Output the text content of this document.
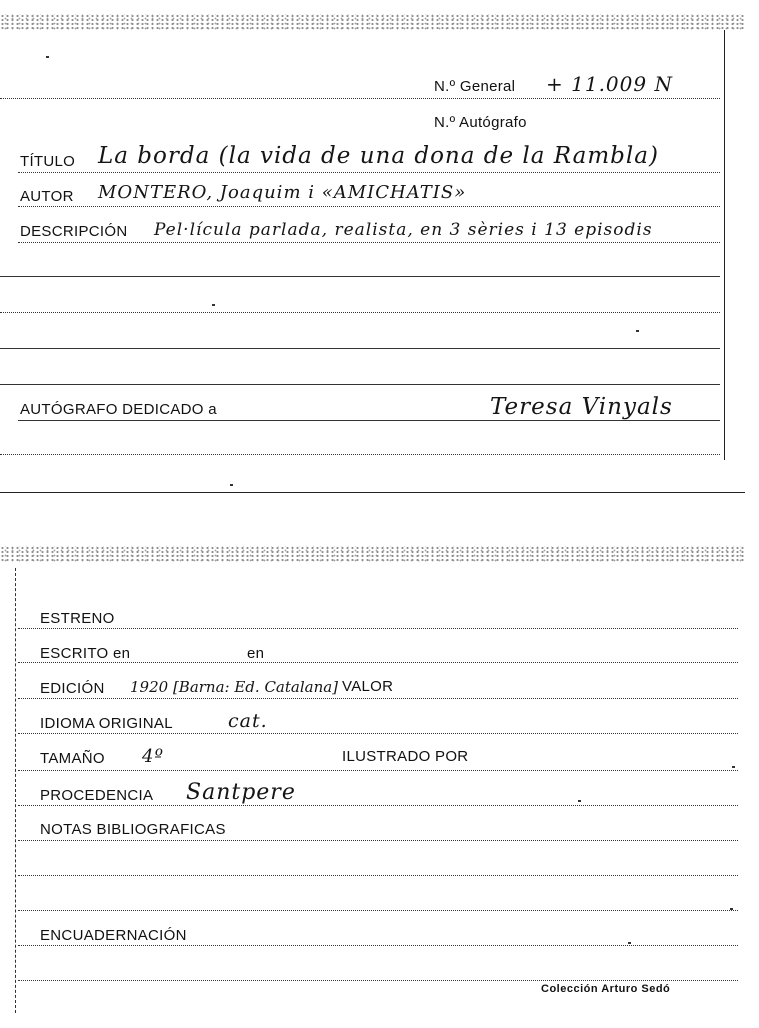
N.º General + 11.009 N
N.º Autógrafo
TÍTULO La borda (la vida de una dona de la Rambla)
AUTOR MONTERO, Joaquim i «AMICHATIS»
DESCRIPCIÓN Pel·lícula parlada, realista, en 3 sèries i 13 episodis
AUTÓGRAFO DEDICADO a	Teresa Vinyals
ESTRENO
ESCRITO en	en
EDICIÓN 1920 [Barna: Ed. Catalana] VALOR
IDIOMA ORIGINAL	cat.
TAMAÑO 4º	ILUSTRADO POR
PROCEDENCIA Santpere
NOTAS BIBLIOGRAFICAS
ENCUADERNACIÓN
Colección Arturo Sedó
